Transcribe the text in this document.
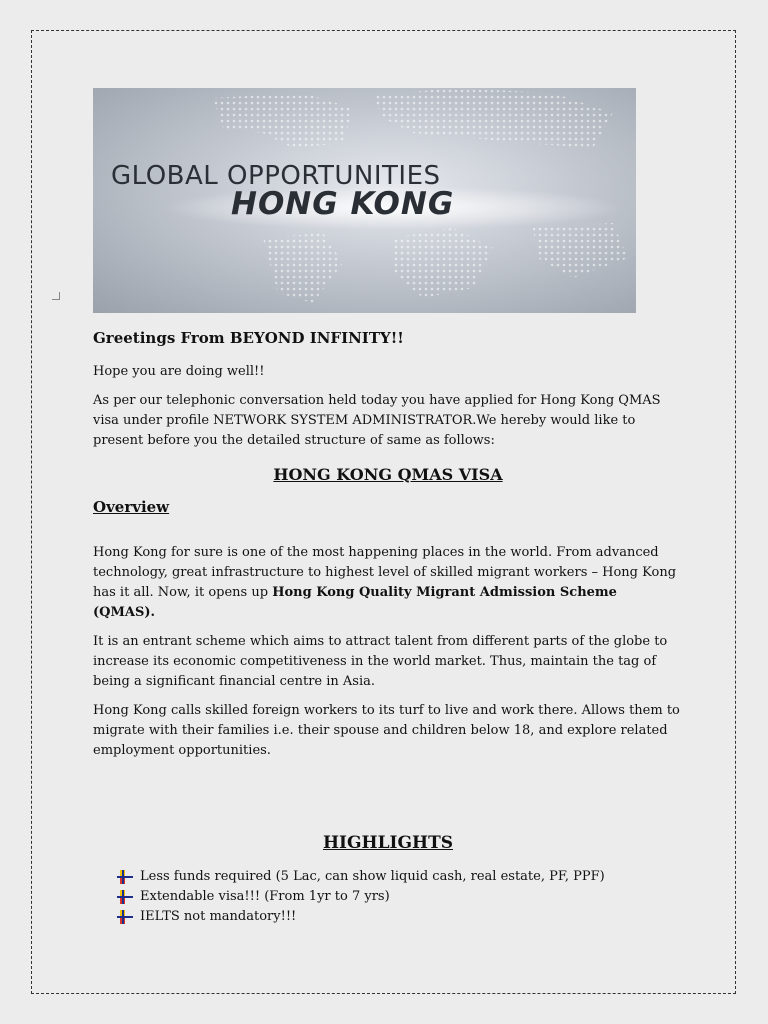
GLOBAL OPPORTUNITIES
HONG KONG

Greetings From BEYOND INFINITY!!

Hope you are doing well!!

As per our telephonic conversation held today you have applied for Hong Kong QMAS visa under profile NETWORK SYSTEM ADMINISTRATOR.We hereby would like to present before you the detailed structure of same as follows:

HONG KONG QMAS VISA

Overview

Hong Kong for sure is one of the most happening places in the world. From advanced technology, great infrastructure to highest level of skilled migrant workers – Hong Kong has it all. Now, it opens up Hong Kong Quality Migrant Admission Scheme (QMAS).

It is an entrant scheme which aims to attract talent from different parts of the globe to increase its economic competitiveness in the world market. Thus, maintain the tag of being a significant financial centre in Asia.

Hong Kong calls skilled foreign workers to its turf to live and work there. Allows them to migrate with their families i.e. their spouse and children below 18, and explore related employment opportunities.

HIGHLIGHTS

Less funds required (5 Lac, can show liquid cash, real estate, PF, PPF)
Extendable visa!!! (From 1yr to 7 yrs)
IELTS not mandatory!!!
